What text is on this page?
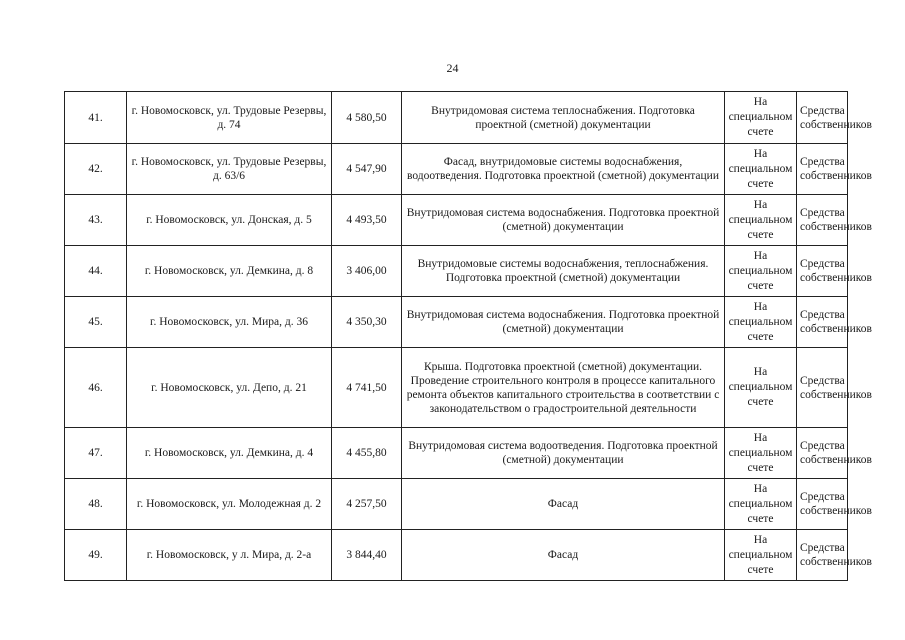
24
41.	г. Новомосковск, ул. Трудовые Резервы, д. 74	4 580,50	Внутридомовая система теплоснабжения. Подготовка проектной (сметной) документации	На специальном счете	Средства собственников
42.	г. Новомосковск, ул. Трудовые Резервы, д. 63/6	4 547,90	Фасад, внутридомовые системы водоснабжения, водоотведения. Подготовка проектной (сметной) документации	На специальном счете	Средства собственников
43.	г. Новомосковск, ул. Донская, д. 5	4 493,50	Внутридомовая система водоснабжения. Подготовка проектной (сметной) документации	На специальном счете	Средства собственников
44.	г. Новомосковск, ул. Демкина, д. 8	3 406,00	Внутридомовые системы водоснабжения, теплоснабжения. Подготовка проектной (сметной) документации	На специальном счете	Средства собственников
45.	г. Новомосковск, ул. Мира, д. 36	4 350,30	Внутридомовая система водоснабжения. Подготовка проектной (сметной) документации	На специальном счете	Средства собственников
46.	г. Новомосковск, ул. Депо, д. 21	4 741,50	Крыша. Подготовка проектной (сметной) документации. Проведение строительного контроля в процессе капитального ремонта объектов капитального строительства в соответствии с законодательством о градостроительной деятельности	На специальном счете	Средства собственников
47.	г. Новомосковск, ул. Демкина, д. 4	4 455,80	Внутридомовая система водоотведения. Подготовка проектной (сметной) документации	На специальном счете	Средства собственников
48.	г. Новомосковск, ул. Молодежная д. 2	4 257,50	Фасад	На специальном счете	Средства собственников
49.	г. Новомосковск, у л. Мира, д. 2-а	3 844,40	Фасад	На специальном счете	Средства собственников
